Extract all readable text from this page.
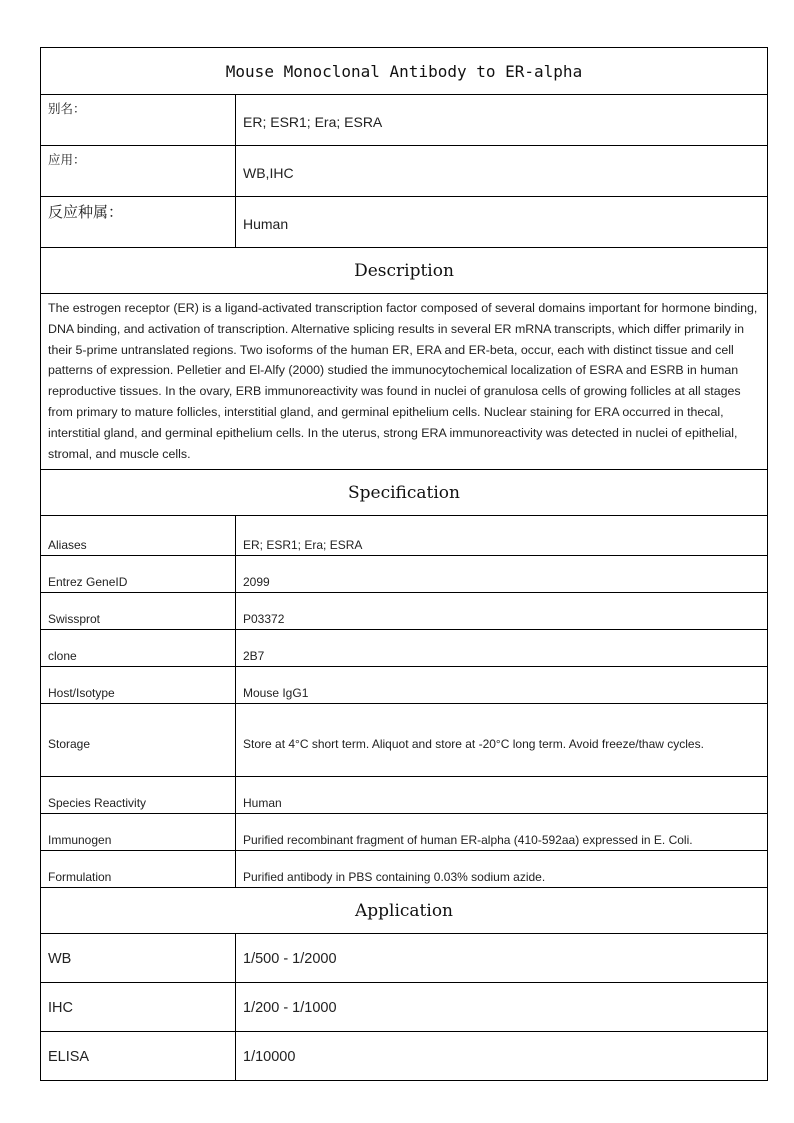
Mouse Monoclonal Antibody to ER-alpha	
别名：	ER; ESR1; Era; ESRA
应用：	WB,IHC
反应种属：	Human
Description	
The estrogen receptor (ER) is a ligand-activated transcription factor composed of several domains important for hormone binding, DNA binding, and activation of transcription. Alternative splicing results in several ER mRNA transcripts, which differ primarily in their 5-prime untranslated regions. Two isoforms of the human ER, ERA and ER-beta, occur, each with distinct tissue and cell patterns of expression. Pelletier and El-Alfy (2000) studied the immunocytochemical localization of ESRA and ESRB in human reproductive tissues. In the ovary, ERB immunoreactivity was found in nuclei of granulosa cells of growing follicles at all stages from primary to mature follicles, interstitial gland, and germinal epithelium cells. Nuclear staining for ERA occurred in thecal, interstitial gland, and germinal epithelium cells. In the uterus, strong ERA immunoreactivity was detected in nuclei of epithelial, stromal, and muscle cells.	
Specification	
Aliases	ER; ESR1; Era; ESRA
Entrez GeneID	2099
Swissprot	P03372
clone	2B7
Host/Isotype	Mouse IgG1
Storage	Store at 4°C short term. Aliquot and store at -20°C long term. Avoid freeze/thaw cycles.
Species Reactivity	Human
Immunogen	Purified recombinant fragment of human ER-alpha (410-592aa) expressed in E. Coli.
Formulation	Purified antibody in PBS containing 0.03% sodium azide.
Application	
WB	1/500 - 1/2000
IHC	1/200 - 1/1000
ELISA	1/10000
